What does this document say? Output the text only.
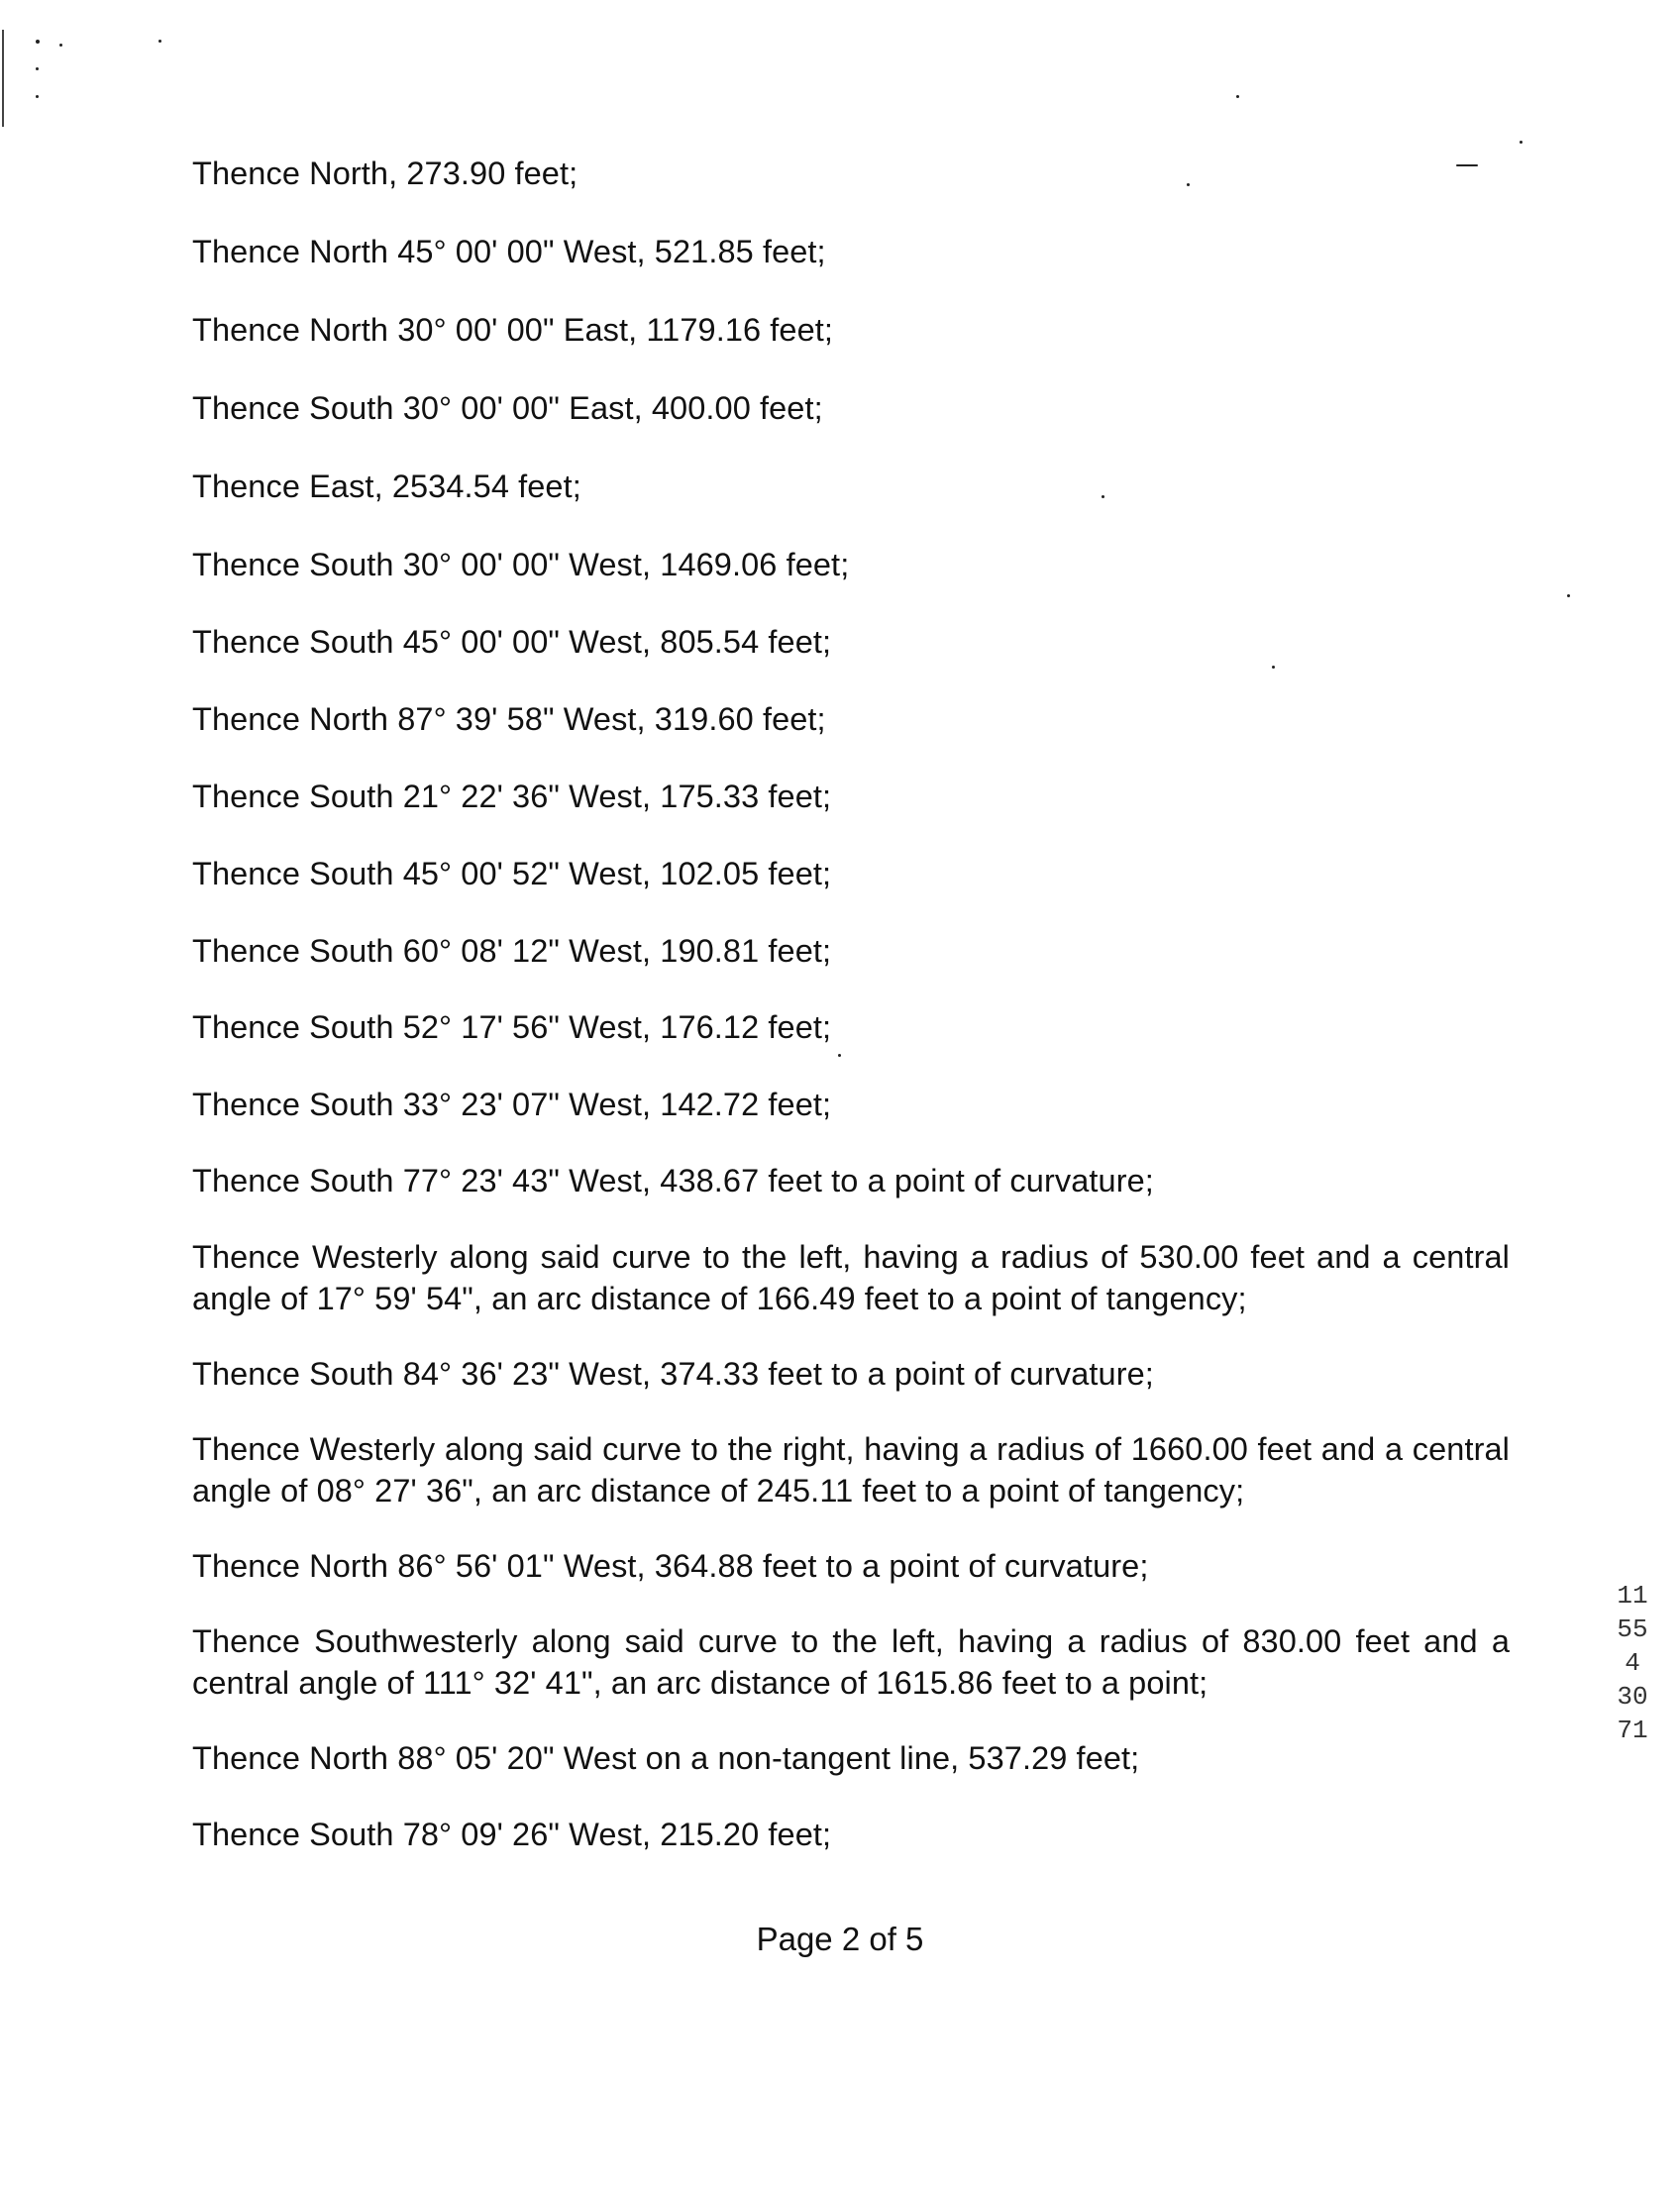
Thence North, 273.90 feet;

Thence North 45° 00' 00" West, 521.85 feet;

Thence North 30° 00' 00" East, 1179.16 feet;

Thence South 30° 00' 00" East, 400.00 feet;

Thence East, 2534.54 feet;

Thence South 30° 00' 00" West, 1469.06 feet;

Thence South 45° 00' 00" West, 805.54 feet;

Thence North 87° 39' 58" West, 319.60 feet;

Thence South 21° 22' 36" West, 175.33 feet;

Thence South 45° 00' 52" West, 102.05 feet;

Thence South 60° 08' 12" West, 190.81 feet;

Thence South 52° 17' 56" West, 176.12 feet;

Thence South 33° 23' 07" West, 142.72 feet;

Thence South 77° 23' 43" West, 438.67 feet to a point of curvature;

Thence Westerly along said curve to the left, having a radius of 530.00 feet and a central angle of 17° 59' 54", an arc distance of 166.49 feet to a point of tangency;

Thence South 84° 36' 23" West, 374.33 feet to a point of curvature;

Thence Westerly along said curve to the right, having a radius of 1660.00 feet and a central angle of 08° 27' 36", an arc distance of 245.11 feet to a point of tangency;

Thence North 86° 56' 01" West, 364.88 feet to a point of curvature;

Thence Southwesterly along said curve to the left, having a radius of 830.00 feet and a central angle of 111° 32' 41", an arc distance of 1615.86 feet to a point;

Thence North 88° 05' 20" West on a non-tangent line, 537.29 feet;

Thence South 78° 09' 26" West, 215.20 feet;

Page 2 of 5
11554 3071
